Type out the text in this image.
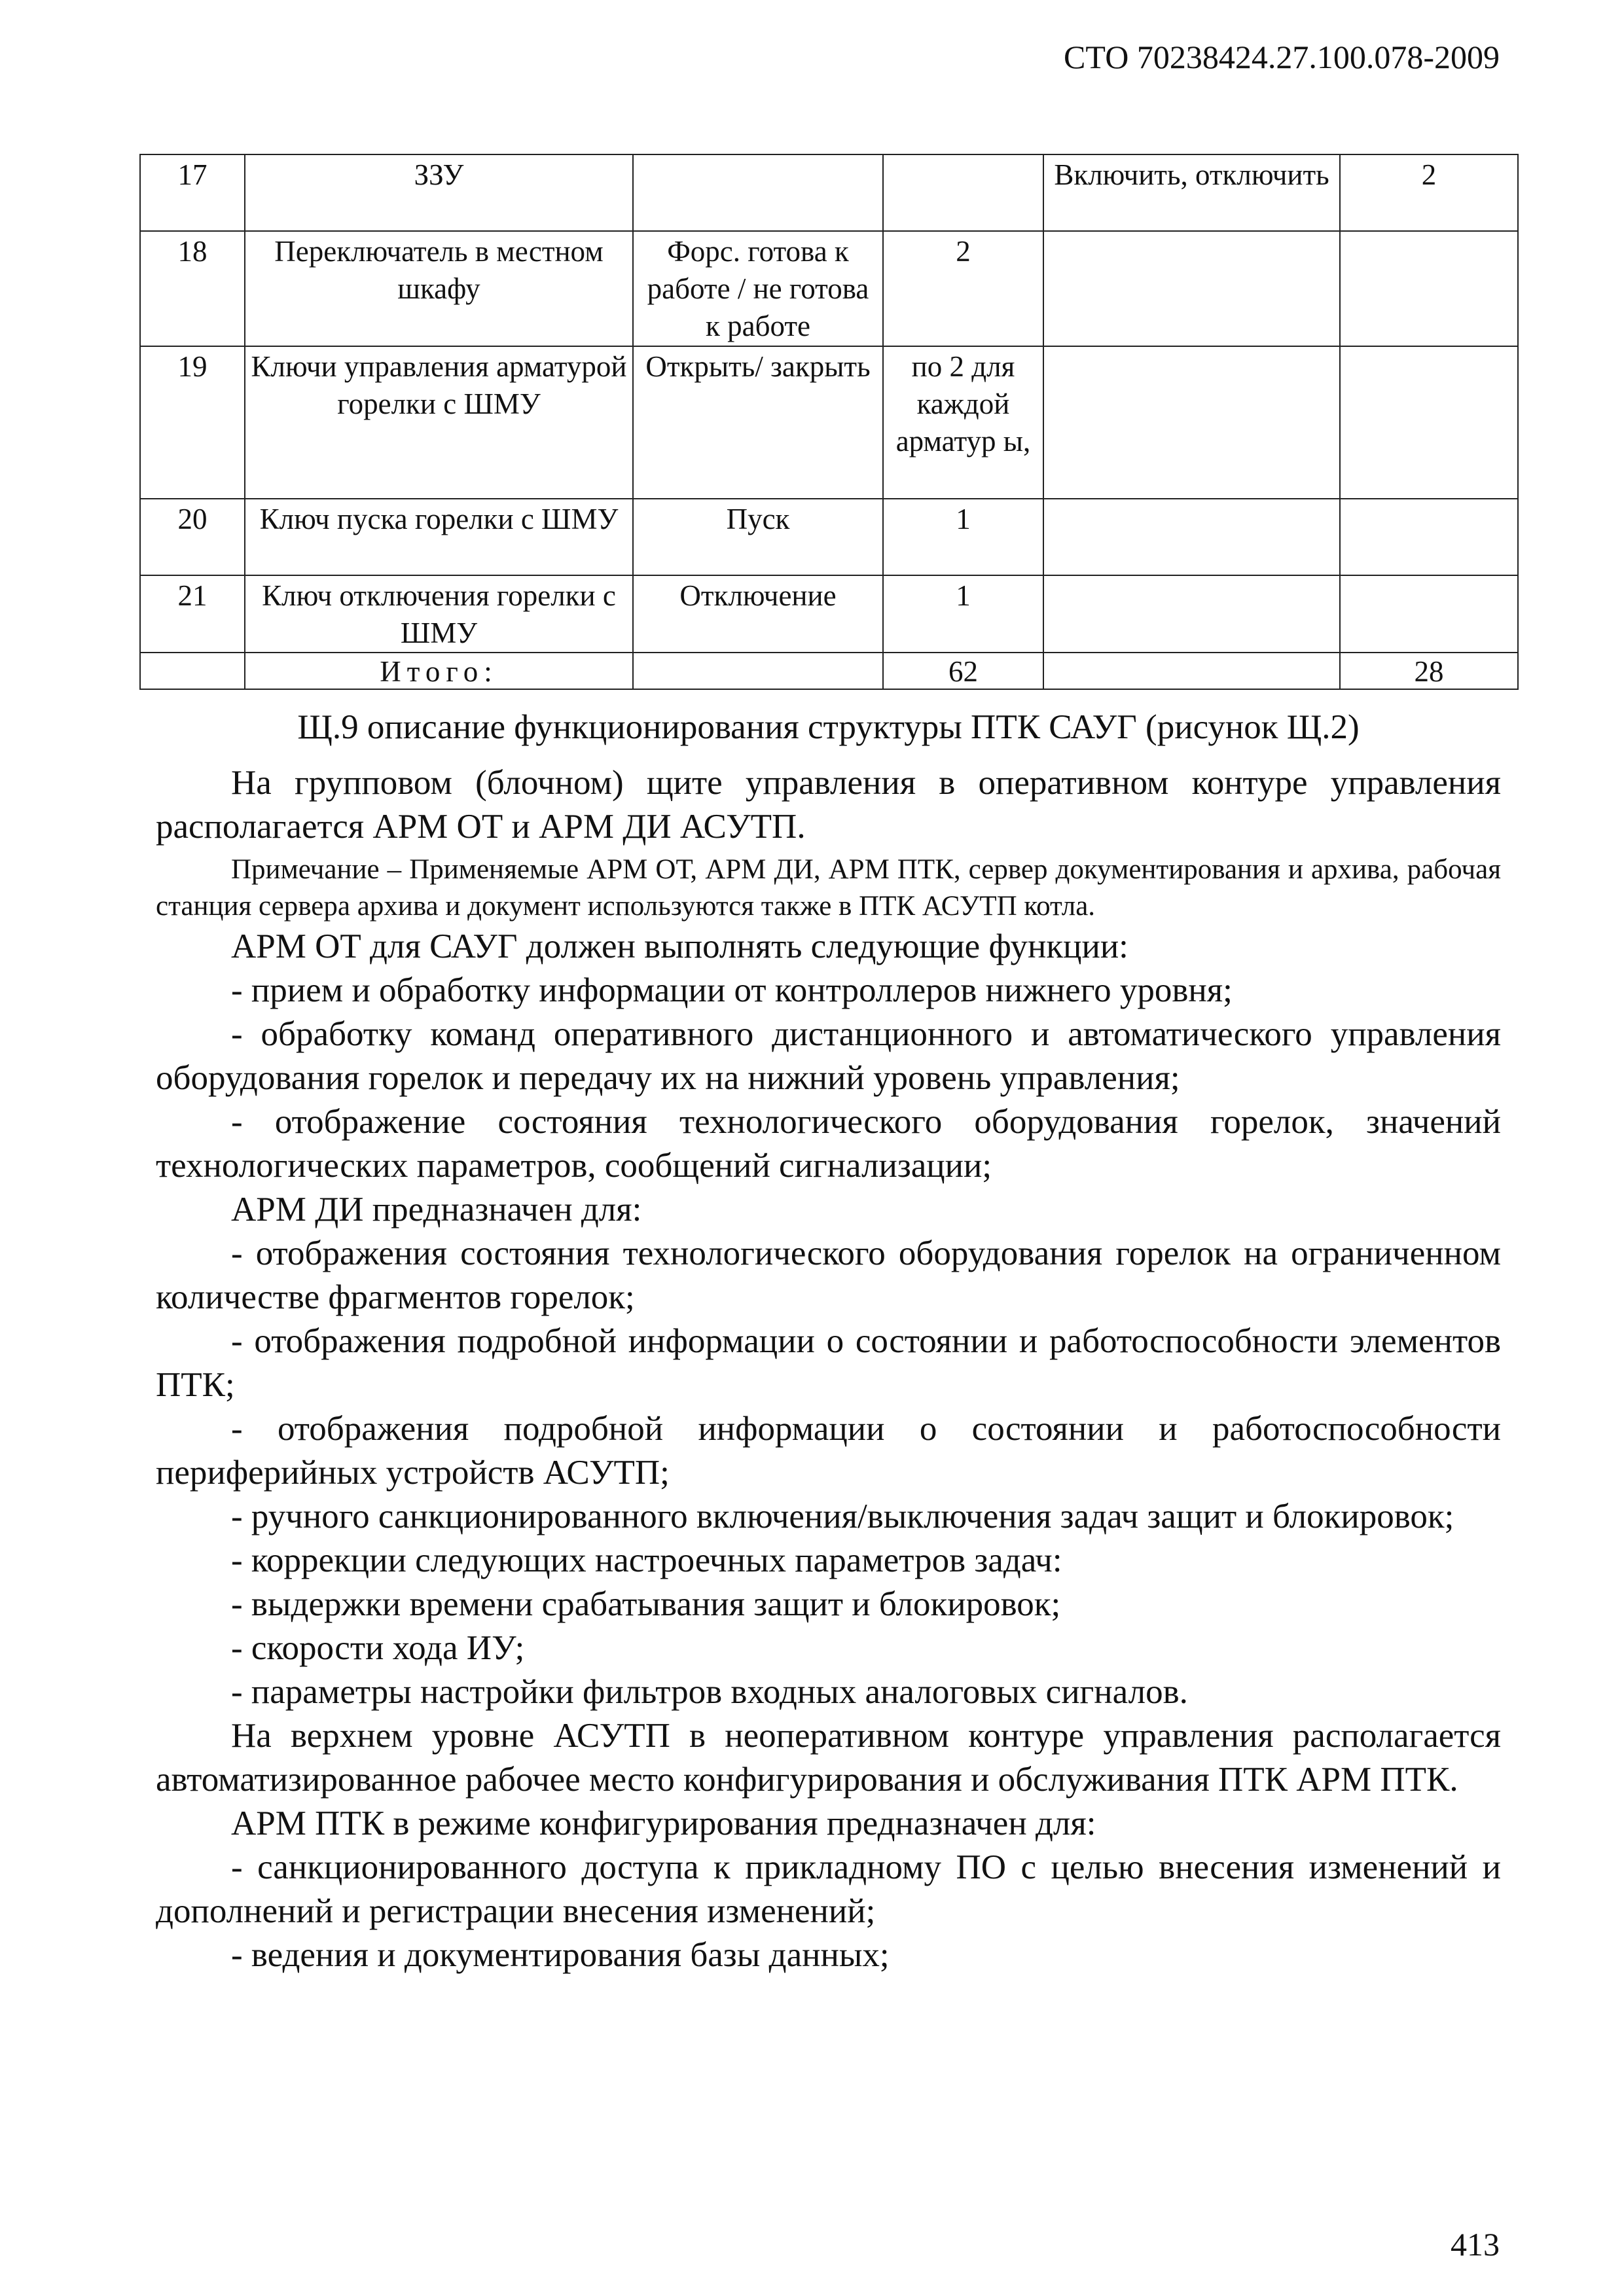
СТО 70238424.27.100.078-2009
17	ЗЗУ			Включить, отключить	2
18	Переключатель в местном шкафу	Форс. готова к работе / не готова к работе	2		
19	Ключи управления арматурой горелки с ШМУ	Открыть/ закрыть	по 2 для каждой арматур ы,		
20	Ключ пуска горелки с ШМУ	Пуск	1		
21	Ключ отключения горелки с ШМУ	Отключение	1		
	Итого:		62		28

Щ.9 описание функционирования структуры ПТК САУГ (рисунок Щ.2)

На групповом (блочном) щите управления в оперативном контуре управления располагается АРМ ОТ и АРМ ДИ АСУТП.

Примечание – Применяемые АРМ ОТ, АРМ ДИ, АРМ ПТК, сервер документирования и архива, рабочая станция сервера архива и документ используются также в ПТК АСУТП котла.

АРМ ОТ для САУГ должен выполнять следующие функции:

- прием и обработку информации от контроллеров нижнего уровня;

- обработку команд оперативного дистанционного и автоматического управления оборудования горелок и передачу их на нижний уровень управления;

- отображение состояния технологического оборудования горелок, значений технологических параметров, сообщений сигнализации;

АРМ ДИ предназначен для:

- отображения состояния технологического оборудования горелок на ограниченном количестве фрагментов горелок;

- отображения подробной информации о состоянии и работоспособности элементов ПТК;

- отображения подробной информации о состоянии и работоспособности периферийных устройств АСУТП;

- ручного санкционированного включения/выключения задач защит и блокировок;

- коррекции следующих настроечных параметров задач:

- выдержки времени срабатывания защит и блокировок;

- скорости хода ИУ;

- параметры настройки фильтров входных аналоговых сигналов.

На верхнем уровне АСУТП в неоперативном контуре управления располагается автоматизированное рабочее место конфигурирования и обслуживания ПТК АРМ ПТК.

АРМ ПТК в режиме конфигурирования предназначен для:

- санкционированного доступа к прикладному ПО с целью внесения изменений и дополнений и регистрации внесения изменений;

- ведения и документирования базы данных;

413
